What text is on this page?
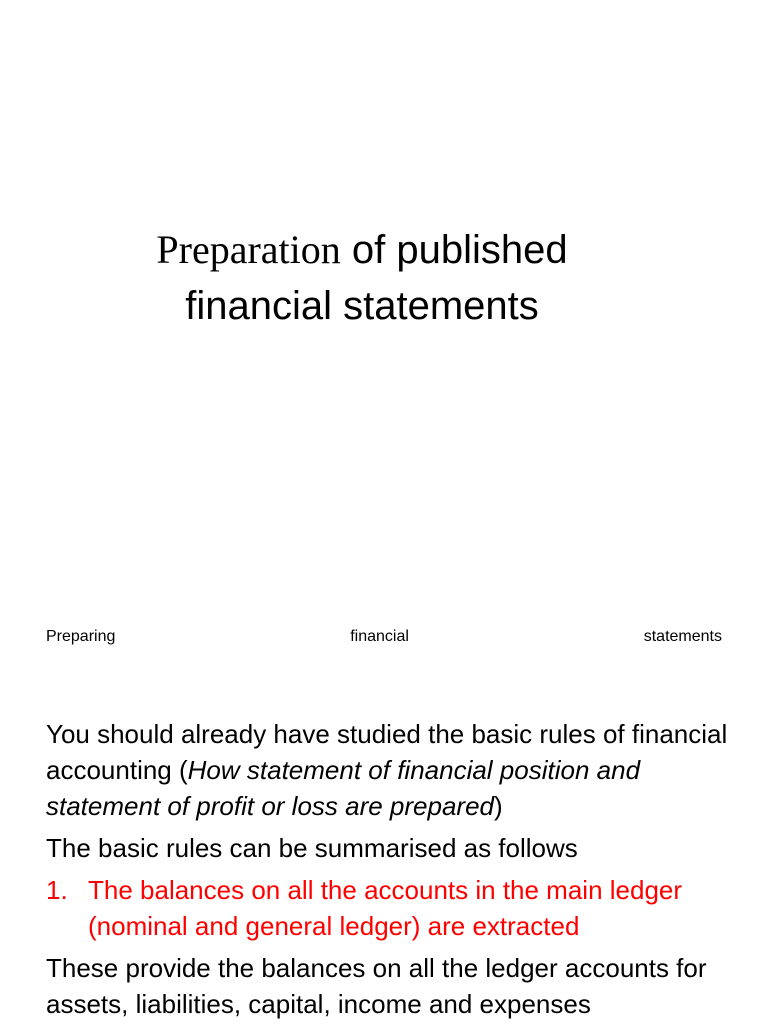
Preparation of published
financial statements
Preparing	financial	statements

You should already have studied the basic rules of financial accounting (How statement of financial position and statement of profit or loss are prepared)

The basic rules can be summarised as follows

1. The balances on all the accounts in the main ledger (nominal and general ledger) are extracted

These provide the balances on all the ledger accounts for assets, liabilities, capital, income and expenses
